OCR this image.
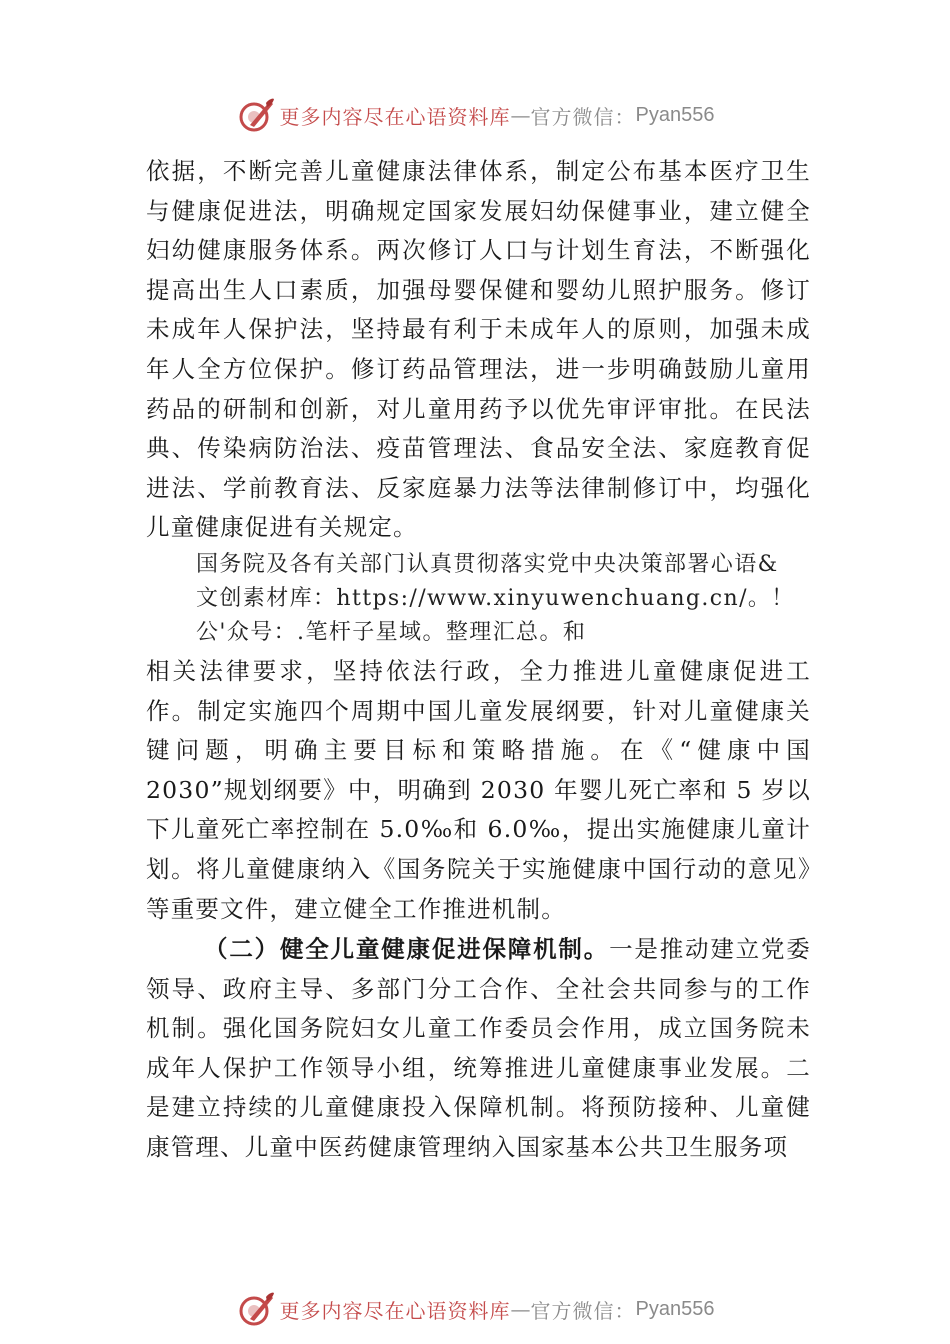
更多内容尽在心语资料库 — 官方微信： Pyan556
依据，不断完善儿童健康法律体系，制定公布基本医疗卫生与健康促进法，明确规定国家发展妇幼保健事业，建立健全妇幼健康服务体系。两次修订人口与计划生育法，不断强化提高出生人口素质，加强母婴保健和婴幼儿照护服务。修订未成年人保护法，坚持最有利于未成年人的原则，加强未成年人全方位保护。修订药品管理法，进一步明确鼓励儿童用药品的研制和创新，对儿童用药予以优先审评审批。在民法典、传染病防治法、疫苗管理法、食品安全法、家庭教育促进法、学前教育法、反家庭暴力法等法律制修订中，均强化儿童健康促进有关规定。
国务院及各有关部门认真贯彻落实党中央决策部署心语&
文创素材库：https://www.xinyuwenchuang.cn/。！
公'众号：.笔杆子星域。整理汇总。和
相关法律要求，坚持依法行政，全力推进儿童健康促进工作。制定实施四个周期中国儿童发展纲要，针对儿童健康关键问题，明确主要目标和策略措施。在《“健康中国 2030”规划纲要》中，明确到 2030 年婴儿死亡率和 5 岁以下儿童死亡率控制在 5.0‰和 6.0‰，提出实施健康儿童计划。将儿童健康纳入《国务院关于实施健康中国行动的意见》等重要文件，建立健全工作推进机制。
（二）健全儿童健康促进保障机制。一是推动建立党委领导、政府主导、多部门分工合作、全社会共同参与的工作机制。强化国务院妇女儿童工作委员会作用，成立国务院未成年人保护工作领导小组，统筹推进儿童健康事业发展。二是建立持续的儿童健康投入保障机制。将预防接种、儿童健康管理、儿童中医药健康管理纳入国家基本公共卫生服务项
更多内容尽在心语资料库 — 官方微信： Pyan556
